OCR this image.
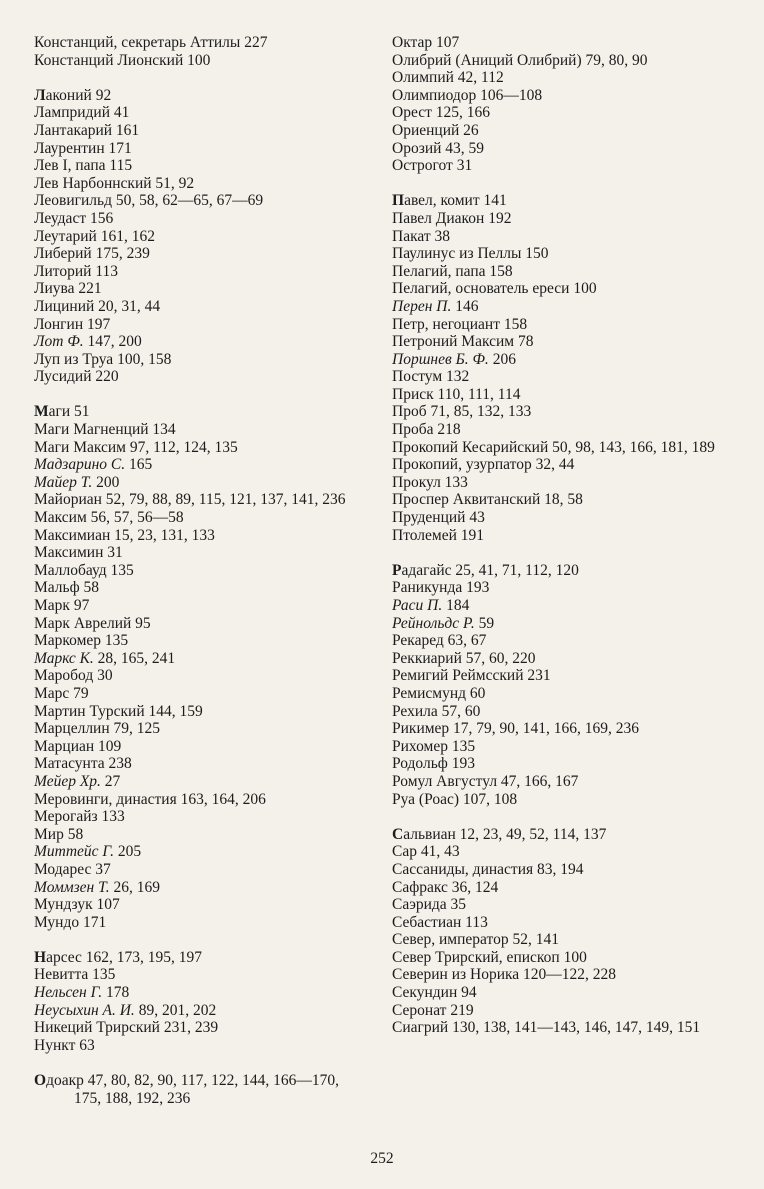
Констанций, секретарь Аттилы 227

Констанций Лионский 100

Лаконий 92

Лампридий 41

Лантакарий 161

Лаурентин 171

Лев I, папа 115

Лев Нарбоннский 51, 92

Леовигильд 50, 58, 62—65, 67—69

Леудаст 156

Леутарий 161, 162

Либерий 175, 239

Литорий 113

Лиува 221

Лициний 20, 31, 44

Лонгин 197

Лот Ф. 147, 200

Луп из Труа 100, 158

Лусидий 220

Маги 51

Маги Магненций 134

Маги Максим 97, 112, 124, 135

Мадзарино С. 165

Майер Т. 200

Майориан 52, 79, 88, 89, 115, 121, 137, 141, 236

Максим 56, 57, 56—58

Максимиан 15, 23, 131, 133

Максимин 31

Маллобауд 135

Мальф 58

Марк 97

Марк Аврелий 95

Маркомер 135

Маркс К. 28, 165, 241

Маробод 30

Марс 79

Мартин Турский 144, 159

Марцеллин 79, 125

Марциан 109

Матасунта 238

Мейер Хр. 27

Меровинги, династия 163, 164, 206

Мерогайз 133

Мир 58

Миттейс Г. 205

Модарес 37

Моммзен Т. 26, 169

Мундзук 107

Мундо 171

Нарсес 162, 173, 195, 197

Невитта 135

Нельсен Г. 178

Неусыхин А. И. 89, 201, 202

Никеций Трирский 231, 239

Нункт 63

Одоакр 47, 80, 82, 90, 117, 122, 144, 166—170, 175, 188, 192, 236

Октар 107

Олибрий (Аниций Олибрий) 79, 80, 90

Олимпий 42, 112

Олимпиодор 106—108

Орест 125, 166

Ориенций 26

Орозий 43, 59

Острогот 31

Павел, комит 141

Павел Диакон 192

Пакат 38

Паулинус из Пеллы 150

Пелагий, папа 158

Пелагий, основатель ереси 100

Перен П. 146

Петр, негоциант 158

Петроний Максим 78

Поршнев Б. Ф. 206

Постум 132

Приск 110, 111, 114

Проб 71, 85, 132, 133

Проба 218

Прокопий Кесарийский 50, 98, 143, 166, 181, 189

Прокопий, узурпатор 32, 44

Прокул 133

Проспер Аквитанский 18, 58

Пруденций 43

Птолемей 191

Радагайс 25, 41, 71, 112, 120

Раникунда 193

Раси П. 184

Рейнольдс Р. 59

Рекаред 63, 67

Реккиарий 57, 60, 220

Ремигий Реймсский 231

Ремисмунд 60

Рехила 57, 60

Рикимер 17, 79, 90, 141, 166, 169, 236

Рихомер 135

Родольф 193

Ромул Августул 47, 166, 167

Руа (Роас) 107, 108

Сальвиан 12, 23, 49, 52, 114, 137

Сар 41, 43

Сассаниды, династия 83, 194

Сафракс 36, 124

Саэрида 35

Себастиан 113

Север, император 52, 141

Север Трирский, епископ 100

Северин из Норика 120—122, 228

Секундин 94

Серонат 219

Сиагрий 130, 138, 141—143, 146, 147, 149, 151

252
